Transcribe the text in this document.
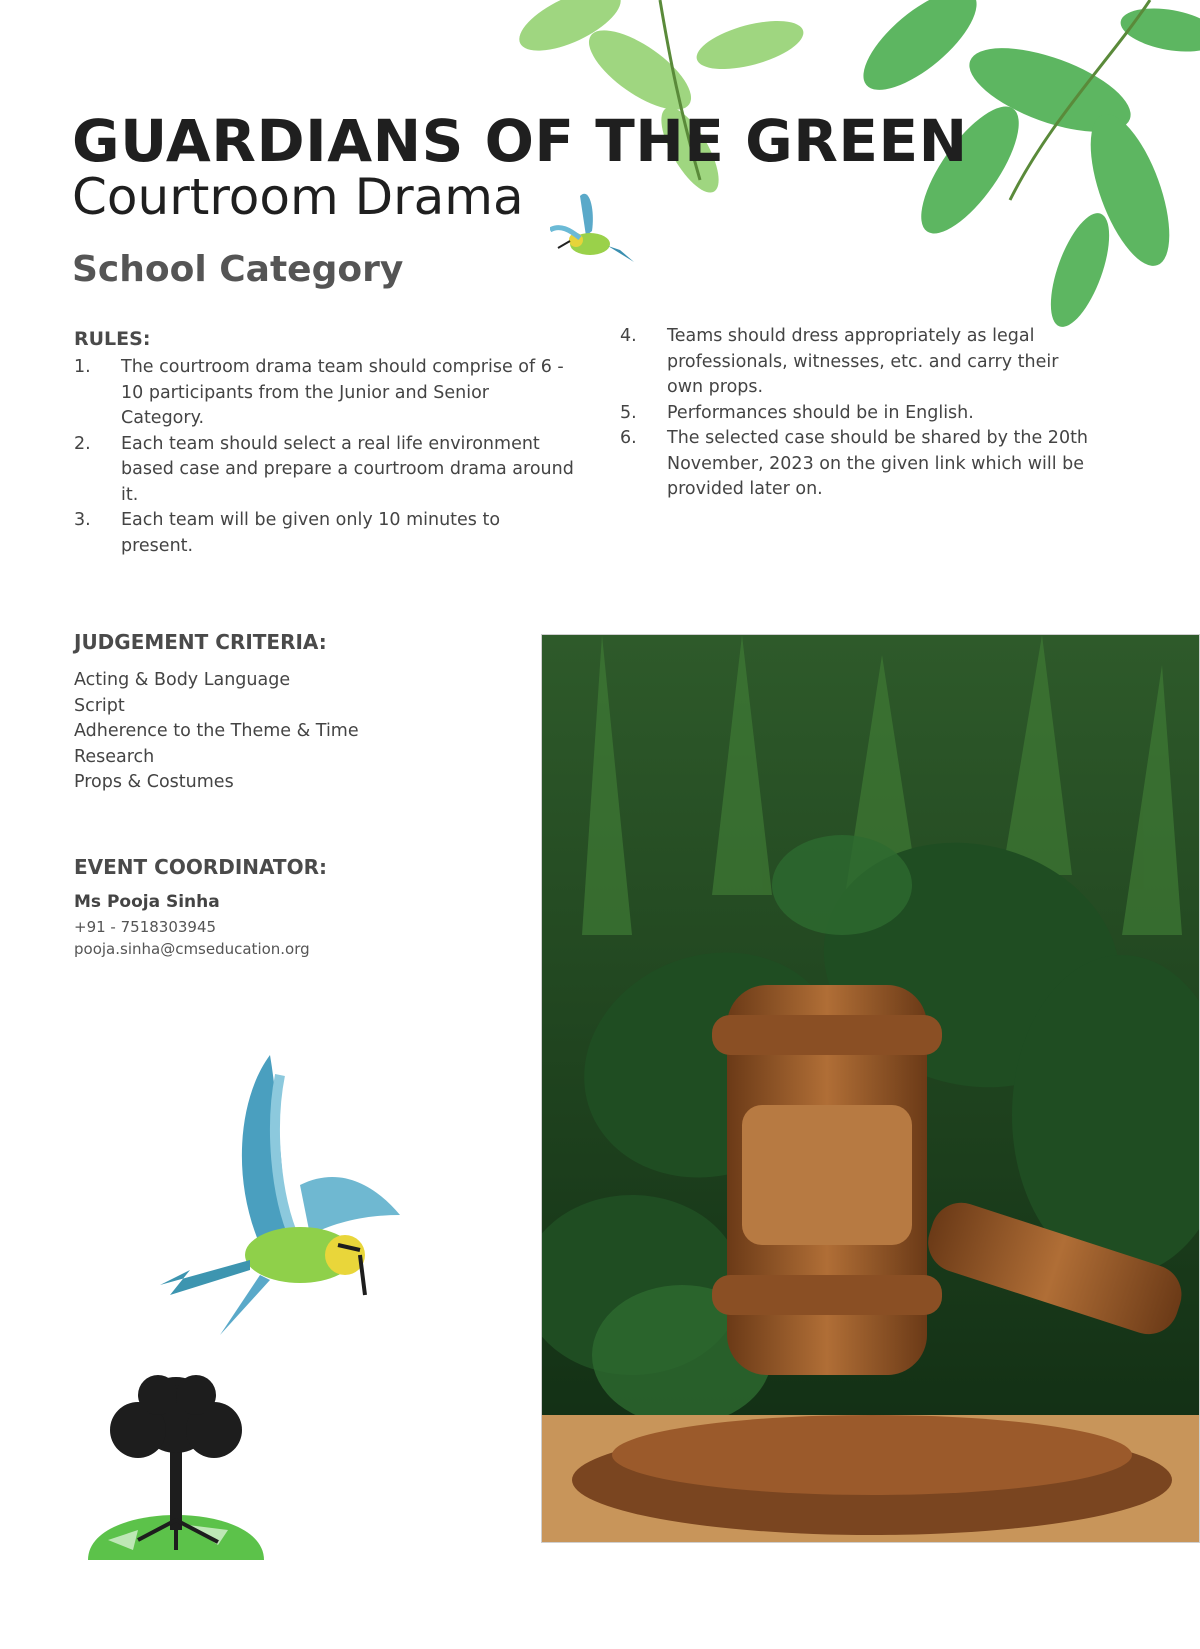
GUARDIANS OF THE GREEN
Courtroom Drama
School Category
RULES:
1.	The courtroom drama team should comprise of 6 - 10 participants from the Junior and Senior Category.
2.	Each team should select a real life environment based case and prepare a courtroom drama around it.
3.	Each team will be given only 10 minutes to present.
4.	Teams should dress appropriately as legal professionals, witnesses, etc. and carry their own props.
5.	Performances should be in English.
6.	The selected case should be shared by the 20th November, 2023 on the given link which will be provided later on.
JUDGEMENT CRITERIA:
Acting & Body Language
Script
Adherence to the Theme & Time
Research
Props & Costumes
EVENT COORDINATOR:

Ms Pooja Sinha

+91 - 7518303945

pooja.sinha@cmseducation.org
